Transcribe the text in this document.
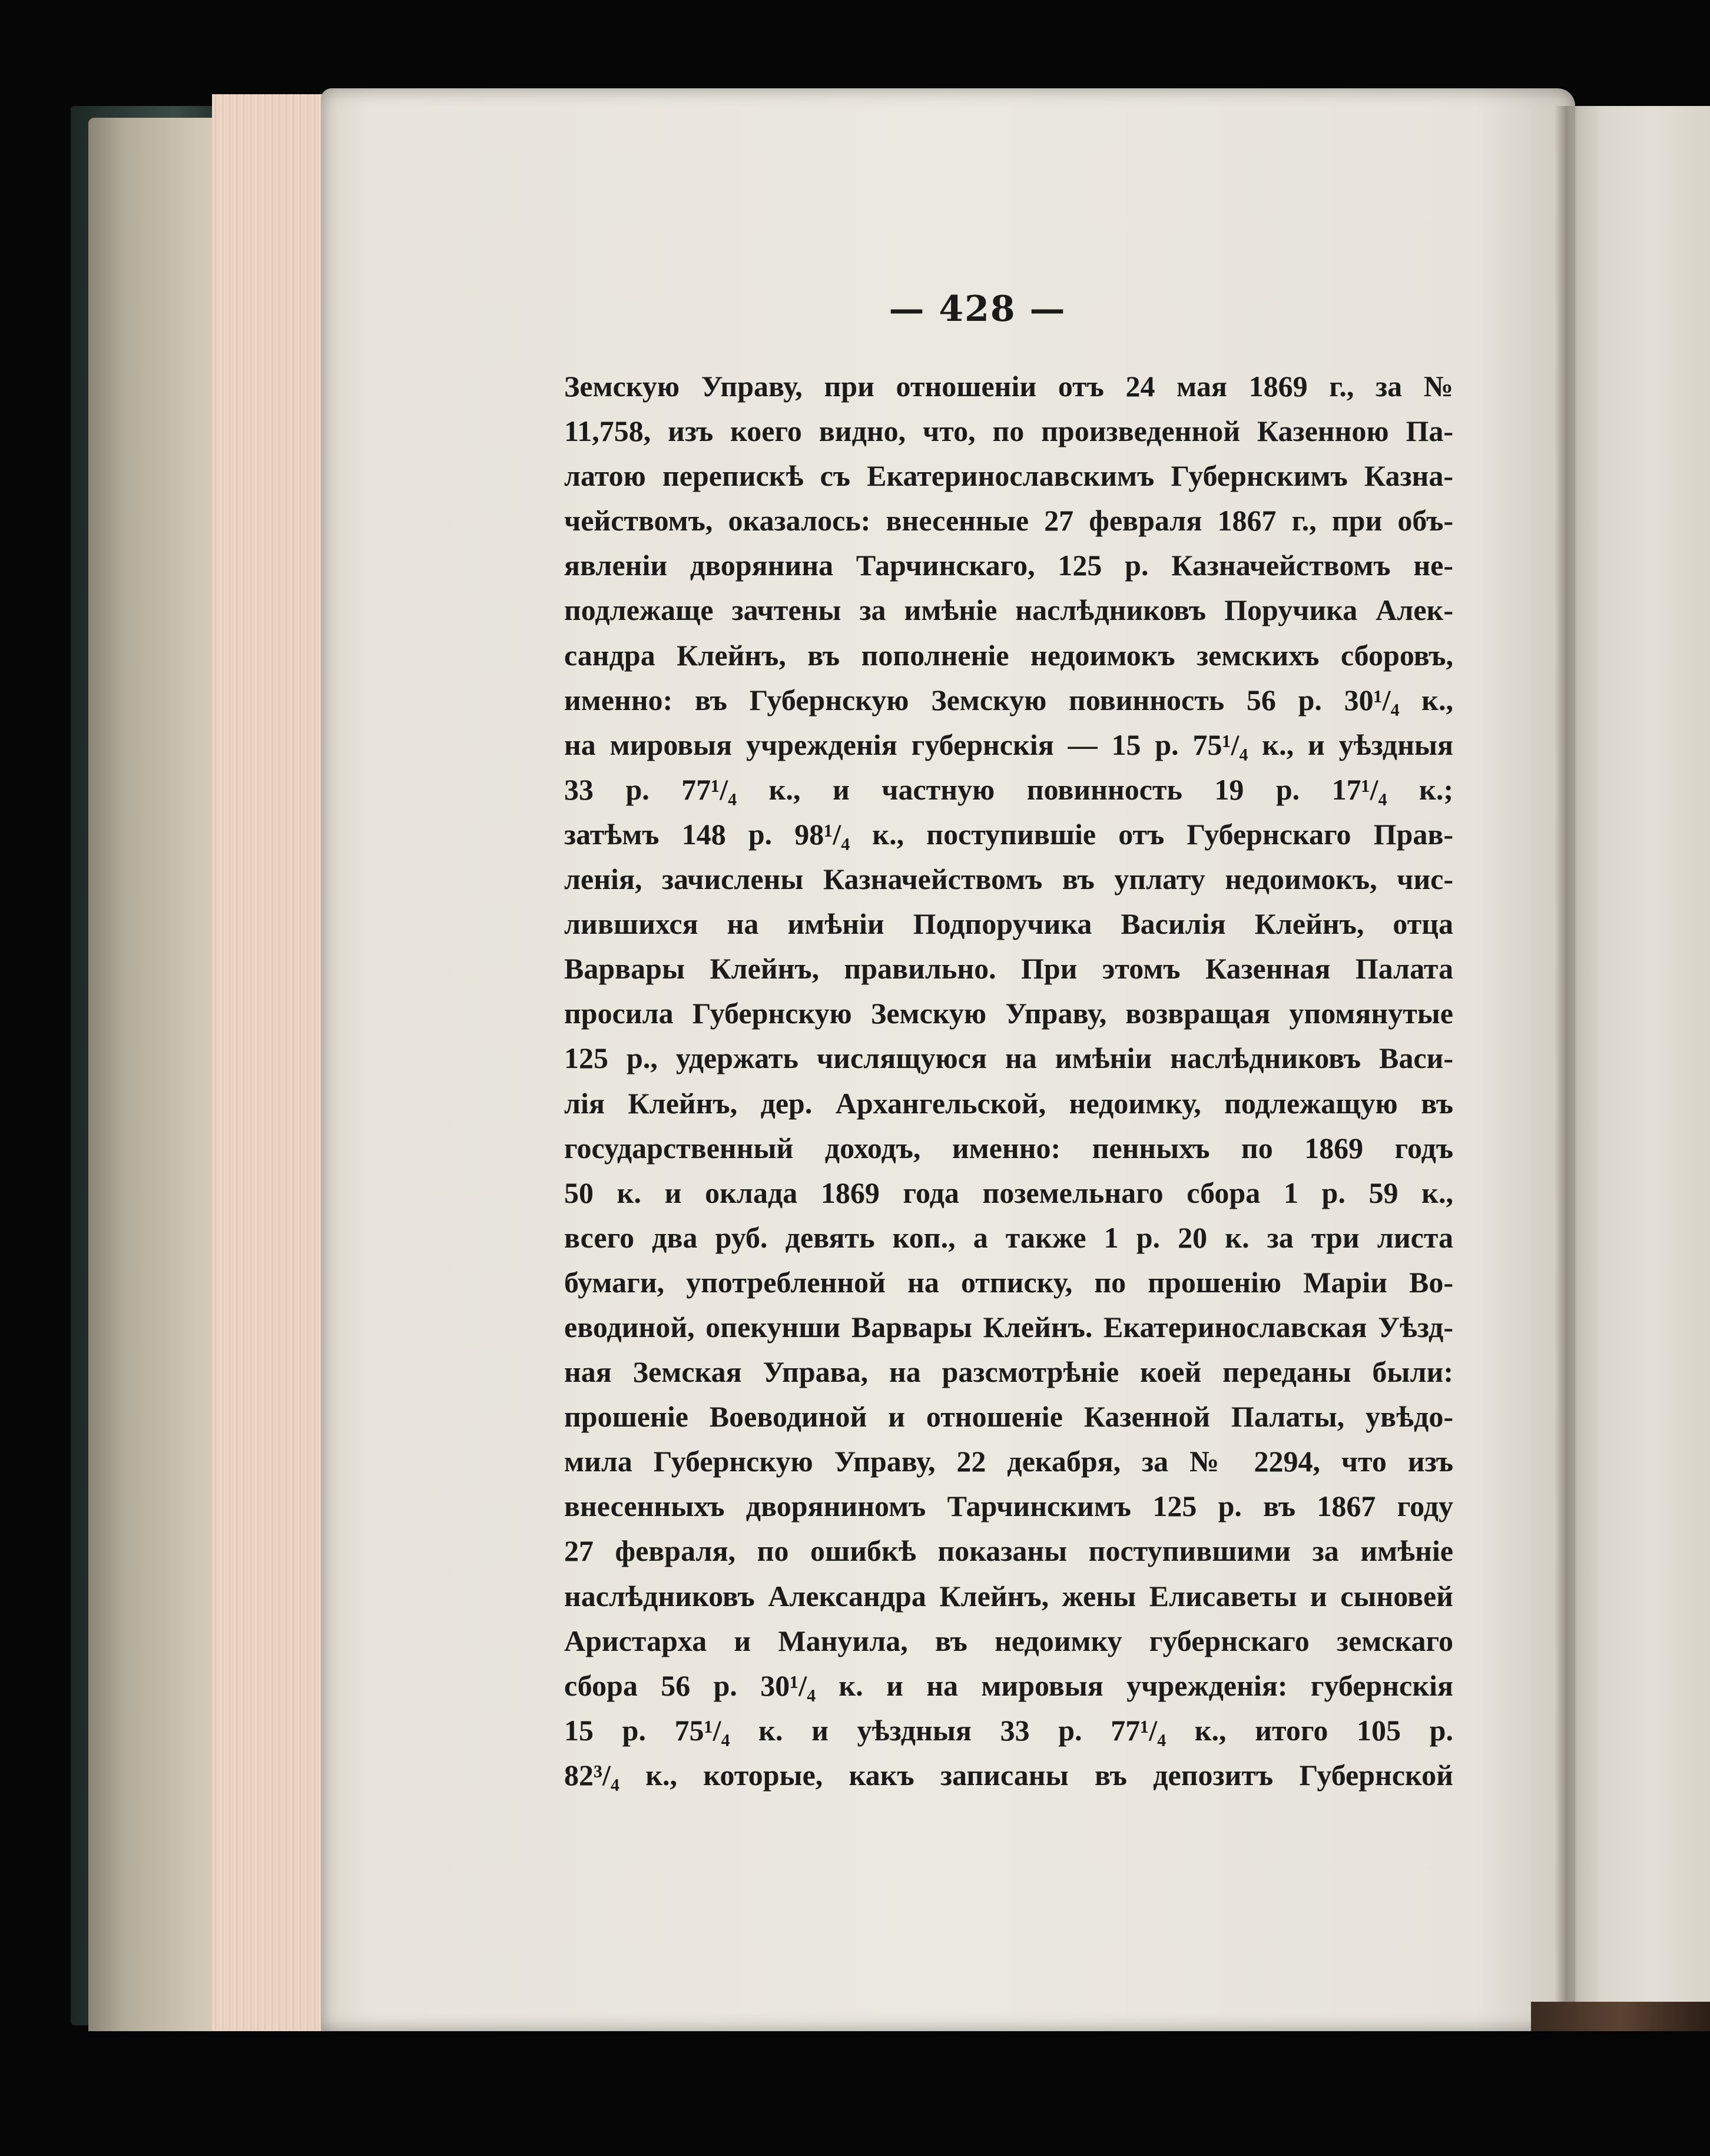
— 428 —
Земскую Управу, при отношеніи отъ 24 мая 1869 г., за №
11,758, изъ коего видно, что, по произведенной Казенною Па-
латою перепискѣ съ Екатеринославскимъ Губернскимъ Казна-
чействомъ, оказалось: внесенные 27 февраля 1867 г., при объ-
явленіи дворянина Тарчинскаго, 125 р. Казначействомъ не-
подлежаще зачтены за имѣніе наслѣдниковъ Поручика Алек-
сандра Клейнъ, въ пополненіе недоимокъ земскихъ сборовъ,
именно: въ Губернскую Земскую повинность 56 р. 30¹/₄ к.,
на мировыя учрежденія губернскія — 15 р. 75¹/₄ к., и уѣздныя
33 р. 77¹/₄ к., и частную повинность 19 р. 17¹/₄ к.;
затѣмъ 148 р. 98¹/₄ к., поступившіе отъ Губернскаго Прав-
ленія, зачислены Казначействомъ въ уплату недоимокъ, чис-
лившихся на имѣніи Подпоручика Василія Клейнъ, отца
Варвары Клейнъ, правильно. При этомъ Казенная Палата
просила Губернскую Земскую Управу, возвращая упомянутые
125 р., удержать числящуюся на имѣніи наслѣдниковъ Васи-
лія Клейнъ, дер. Архангельской, недоимку, подлежащую въ
государственный доходъ, именно: пенныхъ по 1869 годъ
50 к. и оклада 1869 года поземельнаго сбора 1 р. 59 к.,
всего два руб. девять коп., а также 1 р. 20 к. за три листа
бумаги, употребленной на отписку, по прошенію Маріи Во-
еводиной, опекунши Варвары Клейнъ. Екатеринославская Уѣзд-
ная Земская Управа, на разсмотрѣніе коей переданы были:
прошеніе Воеводиной и отношеніе Казенной Палаты, увѣдо-
мила Губернскую Управу, 22 декабря, за № 2294, что изъ
внесенныхъ дворяниномъ Тарчинскимъ 125 р. въ 1867 году
27 февраля, по ошибкѣ показаны поступившими за имѣніе
наслѣдниковъ Александра Клейнъ, жены Елисаветы и сыновей
Аристарха и Мануила, въ недоимку губернскаго земскаго
сбора 56 р. 30¹/₄ к. и на мировыя учрежденія: губернскія
15 р. 75¹/₄ к. и уѣздныя 33 р. 77¹/₄ к., итого 105 р.
82³/₄ к., которые, какъ записаны въ депозитъ Губернской
